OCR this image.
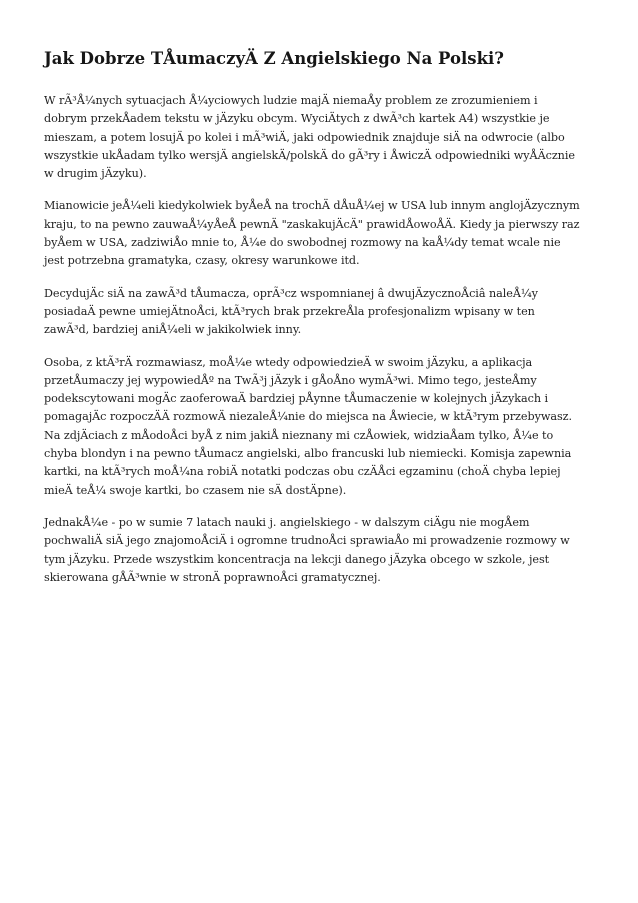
Jak Dobrze TÅumaczyÄ Z Angielskiego Na Polski?

W rÃ³Å¼nych sytuacjach Å¼yciowych ludzie majÄ niemaÅy problem ze zrozumieniem i dobrym przekÅadem tekstu w jÄzyku obcym. WyciÄtych z dwÃ³ch kartek A4) wszystkie je mieszam, a potem losujÄ po kolei i mÃ³wiÄ, jaki odpowiednik znajduje siÄ na odwrocie (albo wszystkie ukÅadam tylko wersjÄ angielskÄ/polskÄ do gÃ³ry i ÅwiczÄ odpowiedniki wyÅÄcznie w drugim jÄzyku).

Mianowicie jeÅ¼eli kiedykolwiek byÅeÅ na trochÄ dÅuÅ¼ej w USA lub innym anglojÄzycznym kraju, to na pewno zauwaÅ¼yÅeÅ pewnÄ "zaskakujÄcÄ" prawidÅowoÅÄ. Kiedy ja pierwszy raz byÅem w USA, zadziwiÅo mnie to, Å¼e do swobodnej rozmowy na kaÅ¼dy temat wcale nie jest potrzebna gramatyka, czasy, okresy warunkowe itd.

DecydujÄc siÄ na zawÃ³d tÅumacza, oprÃ³cz wspomnianej â dwujÄzycznoÅciâ naleÅ¼y posiadaÄ pewne umiejÄtnoÅci, ktÃ³rych brak przekreÅla profesjonalizm wpisany w ten zawÃ³d, bardziej aniÅ¼eli w jakikolwiek inny.

Osoba, z ktÃ³rÄ rozmawiasz, moÅ¼e wtedy odpowiedzieÄ w swoim jÄzyku, a aplikacja przetÅumaczy jej wypowiedÅº na TwÃ³j jÄzyk i gÅoÅno wymÃ³wi. Mimo tego, jesteÅmy podekscytowani mogÄc zaoferowaÄ bardziej pÅynne tÅumaczenie w kolejnych jÄzykach i pomagajÄc rozpoczÄÄ rozmowÄ niezaleÅ¼nie do miejsca na Åwiecie, w ktÃ³rym przebywasz. Na zdjÄciach z mÅodoÅci byÅ z nim jakiÅ nieznany mi czÅowiek, widziaÅam tylko, Å¼e to chyba blondyn i na pewno tÅumacz angielski, albo francuski lub niemiecki. Komisja zapewnia kartki, na ktÃ³rych moÅ¼na robiÄ notatki podczas obu czÄÅci egzaminu (choÄ chyba lepiej mieÄ teÅ¼ swoje kartki, bo czasem nie sÄ dostÄpne).

JednakÅ¼e - po w sumie 7 latach nauki j. angielskiego - w dalszym ciÄgu nie mogÅem pochwaliÄ siÄ jego znajomoÅciÄ i ogromne trudnoÅci sprawiaÅo mi prowadzenie rozmowy w tym jÄzyku. Przede wszystkim koncentracja na lekcji danego jÄzyka obcego w szkole, jest skierowana gÅÃ³wnie w stronÄ poprawnoÅci gramatycznej.
